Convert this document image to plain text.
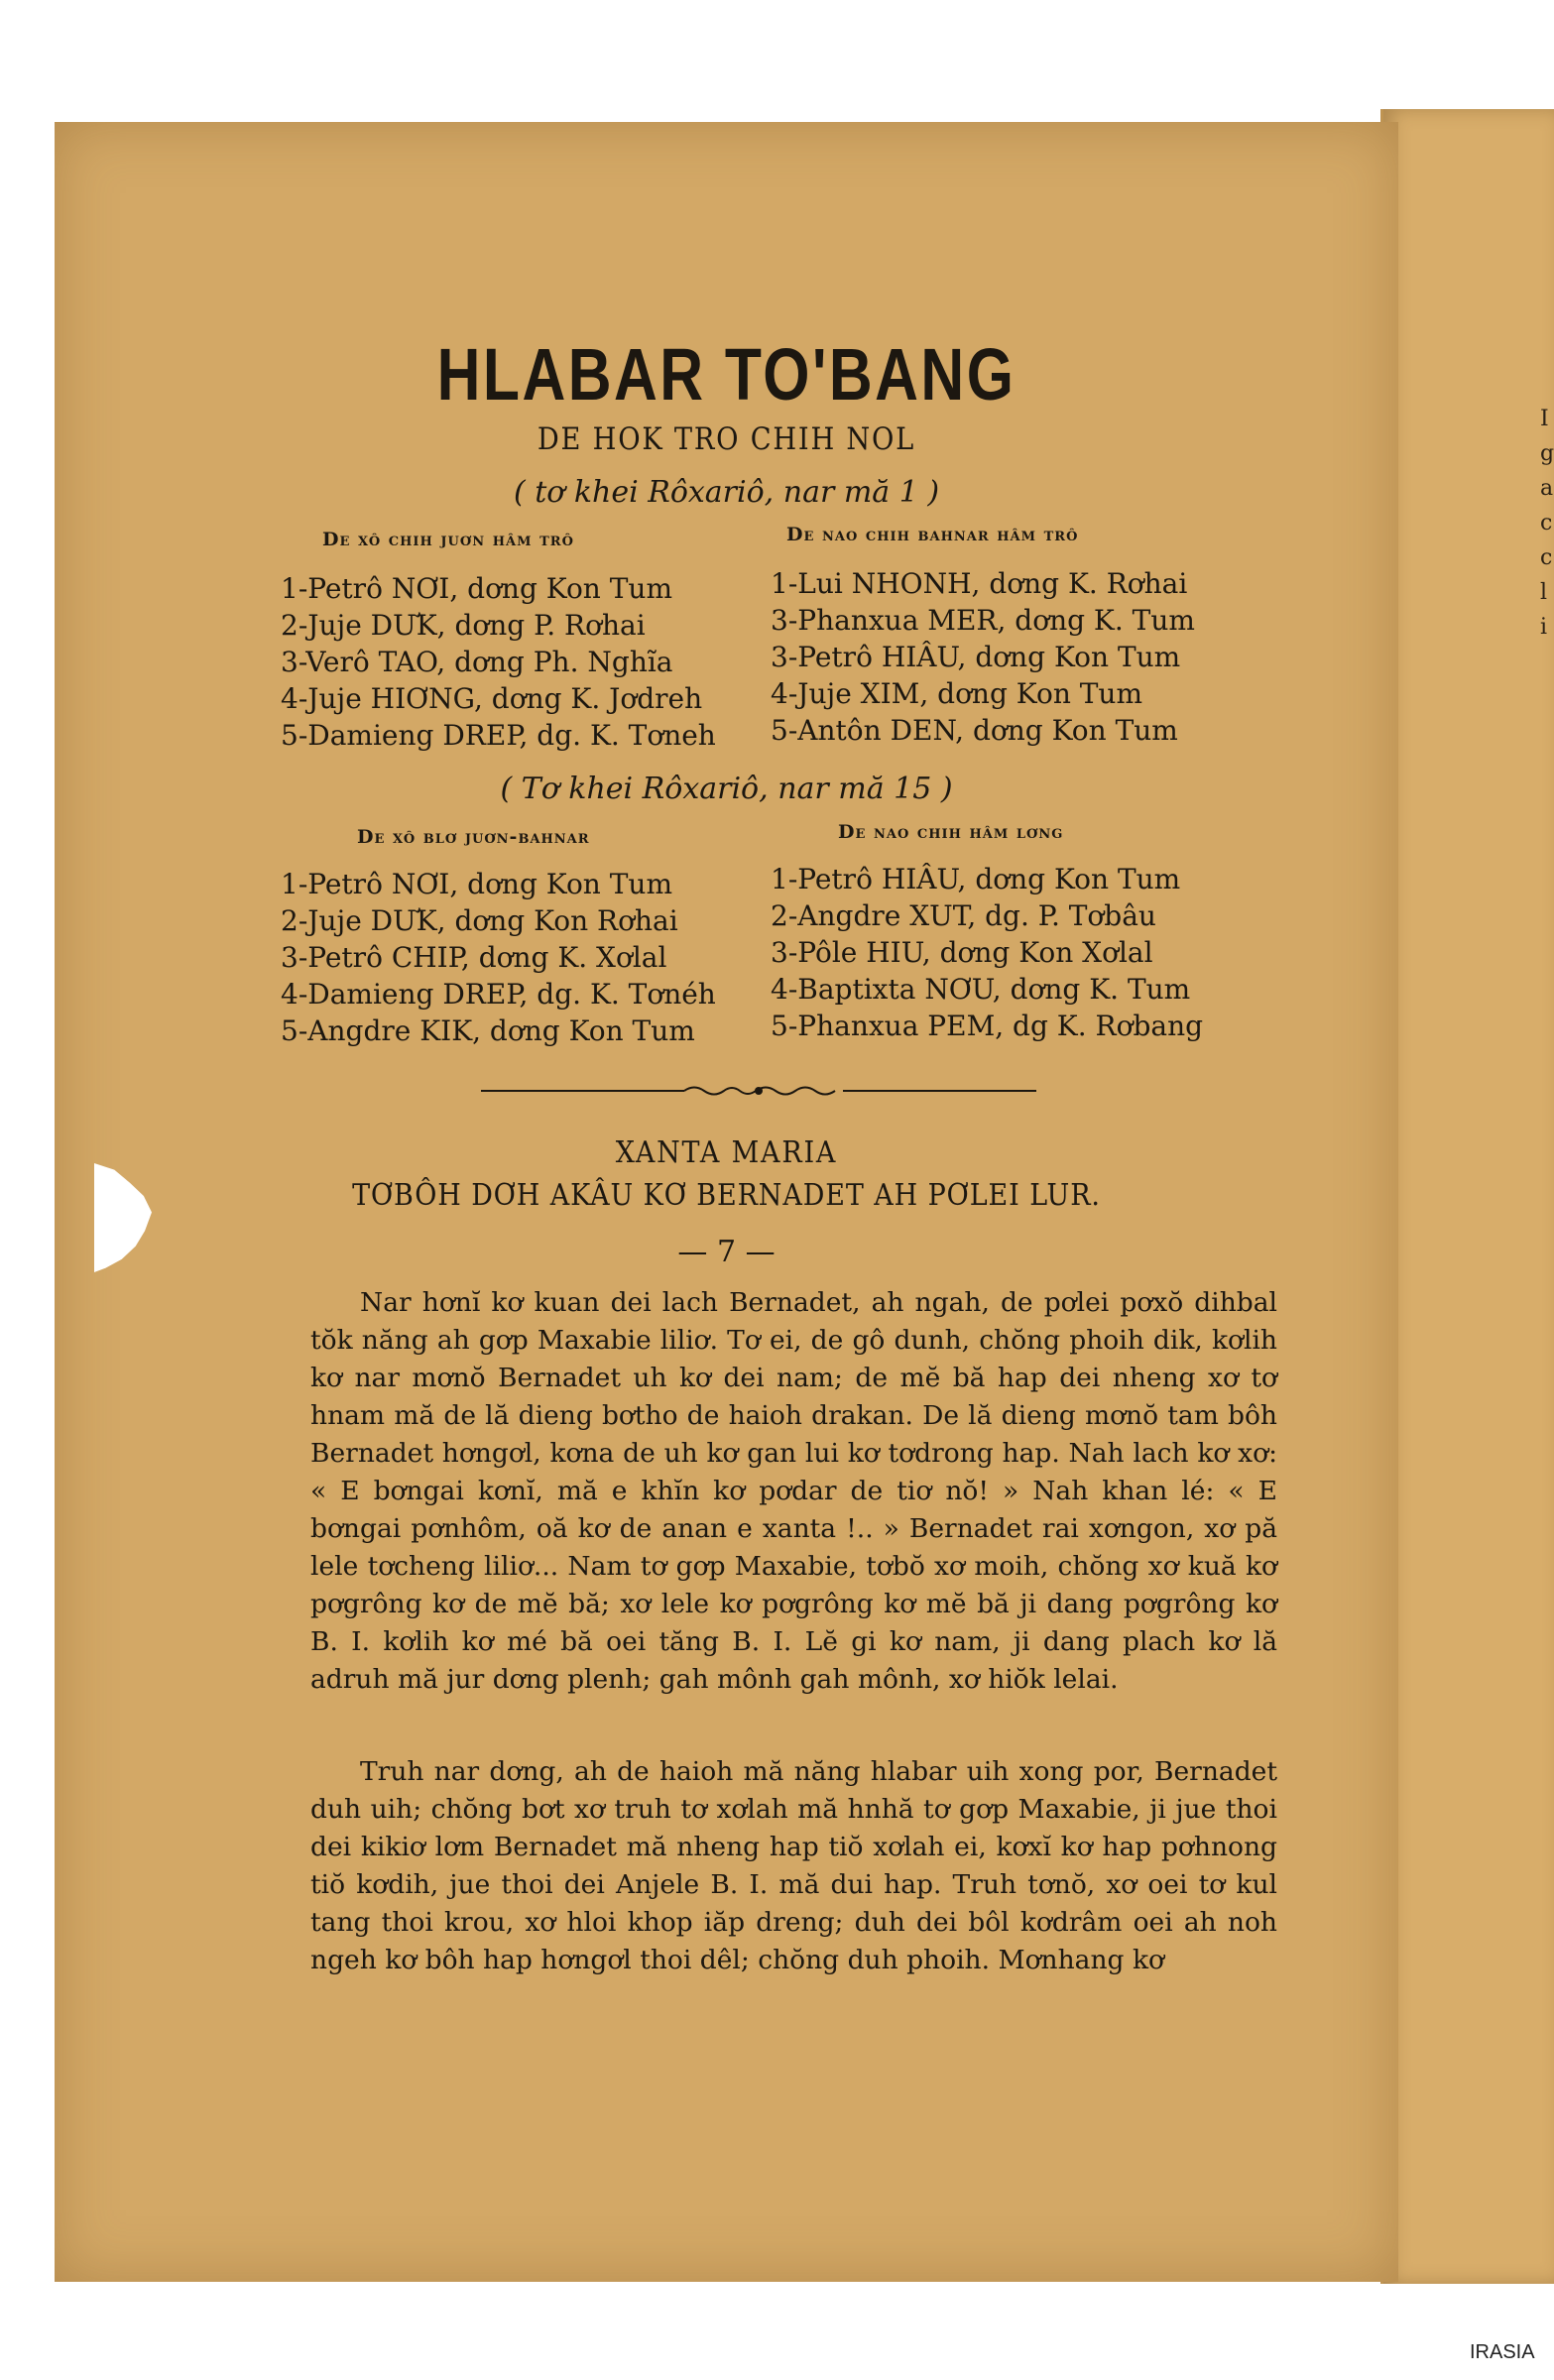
I
g
a
c
c
l
i
HLABAR TO'BANG
DE HOK TRO CHIH NOL
( tơ khei Rôxariô, nar mă 1 )
De xô chih juơn hâm trô	De nao chih bahnar hâm trô
1-Petrô NƠI, dơng Kon Tum
2-Juje DƯK, dơng P. Rơhai
3-Verô TAO, dơng Ph. Nghĩa
4-Juje HIƠNG, dơng K. Jơdreh
5-Damieng DREP, dg. K. Tơneh
1-Lui NHONH, dơng K. Rơhai
3-Phanxua MER, dơng K. Tum
3-Petrô HIÂU, dơng Kon Tum
4-Juje XIM, dơng Kon Tum
5-Antôn DEN, dơng Kon Tum
( Tơ khei Rôxariô, nar mă 15 )
De xô blơ juơn-bahnar	De nao chih hâm lơng
1-Petrô NƠI, dơng Kon Tum
2-Juje DƯK, dơng Kon Rơhai
3-Petrô CHIP, dơng K. Xơlal
4-Damieng DREP, dg. K. Tơnéh
5-Angdre KIK, dơng Kon Tum
1-Petrô HIÂU, dơng Kon Tum
2-Angdre XUT, dg. P. Tơbâu
3-Pôle HIU, dơng Kon Xơlal
4-Baptixta NƠU, dơng K. Tum
5-Phanxua PEM, dg K. Rơbang
XANTA MARIA
TƠBÔH DƠH AKÂU KƠ BERNADET AH PƠLEI LUR.
— 7 —

Nar hơnĭ kơ kuan dei lach Bernadet, ah ngah, de pơlei pơxŏ dihbal tŏk năng ah gơp Maxabie liliơ. Tơ ei, de gô dunh, chŏng phoih dik, kơlih kơ nar mơnŏ Bernadet uh kơ dei nam; de mĕ bă hap dei nheng xơ tơ hnam mă de lă dieng bơtho de haioh drakan. De lă dieng mơnŏ tam bôh Bernadet hơngơl, kơna de uh kơ gan lui kơ tơdrong hap. Nah lach kơ xơ: « E bơngai kơnĭ, mă e khĭn kơ pơdar de tiơ nŏ! » Nah khan lé: « E bơngai pơnhôm, oă kơ de anan e xanta !.. » Bernadet rai xơngon, xơ pă lele tơcheng liliơ... Nam tơ gơp Maxabie, tơbŏ xơ moih, chŏng xơ kuă kơ pơgrông kơ de mĕ bă; xơ lele kơ pơgrông kơ mĕ bă ji dang pơgrông kơ B. I. kơlih kơ mé bă oei tăng B. I. Lĕ gi kơ nam, ji dang plach kơ lă adruh mă jur dơng plenh; gah mônh gah mônh, xơ hiŏk lelai.

Truh nar dơng, ah de haioh mă năng hlabar uih xong por, Bernadet duh uih; chŏng bơt xơ truh tơ xơlah mă hnhă tơ gơp Maxabie, ji jue thoi dei kikiơ lơm Bernadet mă nheng hap tiŏ xơlah ei, kơxĭ kơ hap pơhnong tiŏ kơdih, jue thoi dei Anjele B. I. mă dui hap. Truh tơnŏ, xơ oei tơ kul tang thoi krou, xơ hloi khop iăp dreng; duh dei bôl kơdrâm oei ah noh ngeh kơ bôh hap hơngơl thoi dêl; chŏng duh phoih. Mơnhang kơ

IRASIA
